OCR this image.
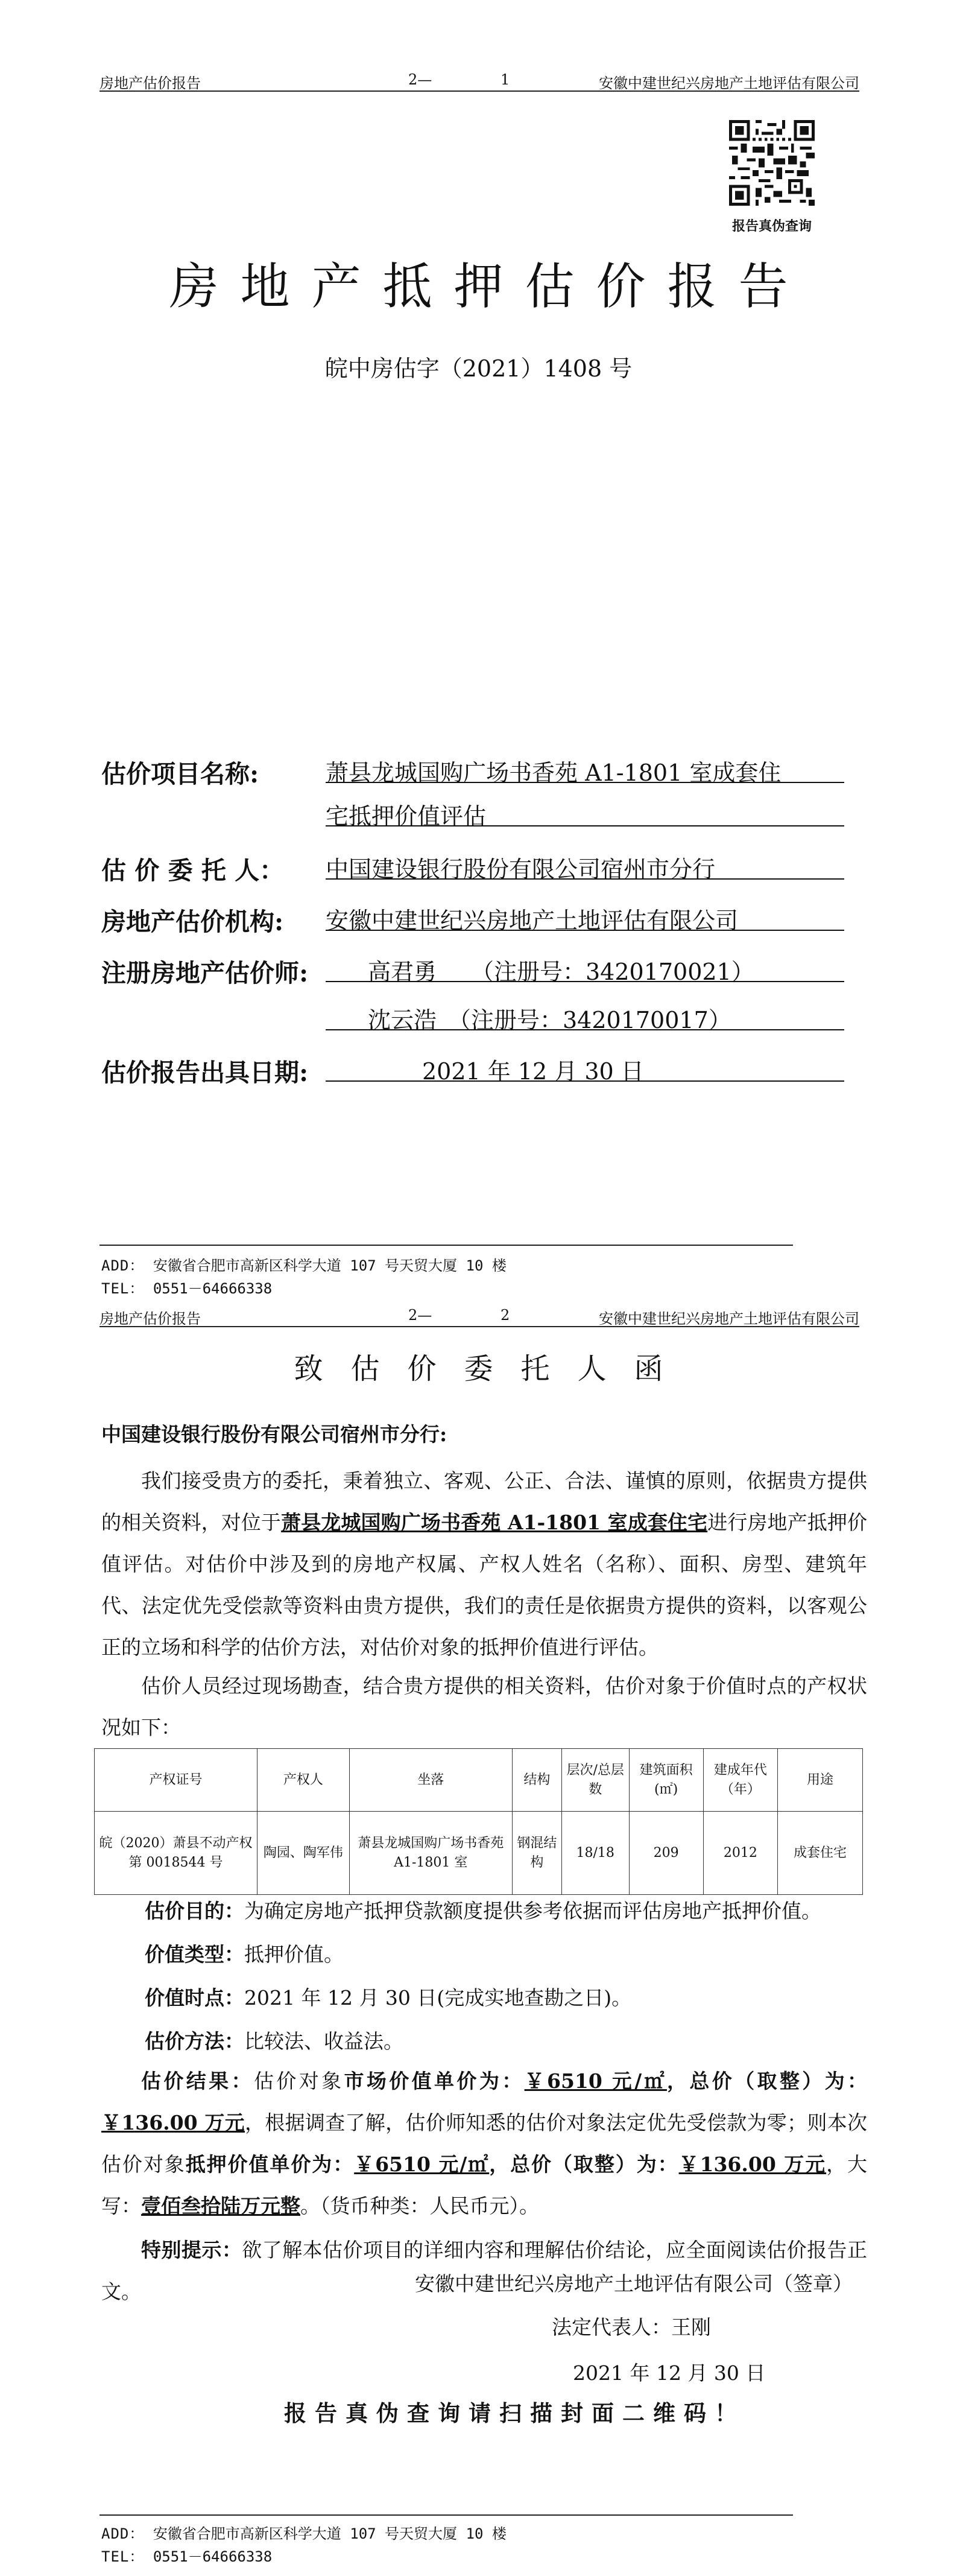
房地产估价报告	2—	1	安徽中建世纪兴房地产土地评估有限公司
报告真伪查询
房地产抵押估价报告
皖中房估字（2021）1408 号
估价项目名称:	萧县龙城国购广场书香苑 A1-1801 室成套住
宅抵押价值评估
估 价 委 托 人： 中国建设银行股份有限公司宿州市分行
房地产估价机构: 安徽中建世纪兴房地产土地评估有限公司
注册房地产估价师:	高君勇　　（注册号：3420170021）
沈云浩　（注册号：3420170017）
估价报告出具日期:	2021 年 12 月 30 日
ADD： 安徽省合肥市高新区科学大道 107 号天贸大厦 10 楼
TEL： 0551－64666338
房地产估价报告	2—	2	安徽中建世纪兴房地产土地评估有限公司
致估价委托人函
中国建设银行股份有限公司宿州市分行:
我们接受贵方的委托，秉着独立、客观、公正、合法、谨慎的原则，依据贵方提供的相关资料，对位于萧县龙城国购广场书香苑 A1-1801 室成套住宅进行房地产抵押价值评估。对估价中涉及到的房地产权属、产权人姓名（名称）、面积、房型、建筑年代、法定优先受偿款等资料由贵方提供，我们的责任是依据贵方提供的资料，以客观公正的立场和科学的估价方法，对估价对象的抵押价值进行评估。
估价人员经过现场勘查，结合贵方提供的相关资料，估价对象于价值时点的产权状况如下：
产权证号	产权人	坐落	结构	层次/总层数	建筑面积(㎡)	建成年代（年）	用途
皖（2020）萧县不动产权第 0018544 号	陶园、陶军伟	萧县龙城国购广场书香苑 A1-1801 室	钢混结构	18/18	209	2012	成套住宅
估价目的：为确定房地产抵押贷款额度提供参考依据而评估房地产抵押价值。
价值类型：抵押价值。
价值时点：2021 年 12 月 30 日(完成实地查勘之日)。
估价方法：比较法、收益法。
估价结果：估价对象市场价值单价为：￥6510 元/㎡，总价（取整）为：￥136.00 万元，根据调查了解，估价师知悉的估价对象法定优先受偿款为零；则本次估价对象抵押价值单价为：￥6510 元/㎡，总价（取整）为：￥136.00 万元，大写：壹佰叁拾陆万元整。（货币种类：人民币元）。
特别提示：欲了解本估价项目的详细内容和理解估价结论，应全面阅读估价报告正文。	安徽中建世纪兴房地产土地评估有限公司（签章）
法定代表人：王刚
2021 年 12 月 30 日
报告真伪查询请扫描封面二维码！
ADD： 安徽省合肥市高新区科学大道 107 号天贸大厦 10 楼
TEL： 0551－64666338
